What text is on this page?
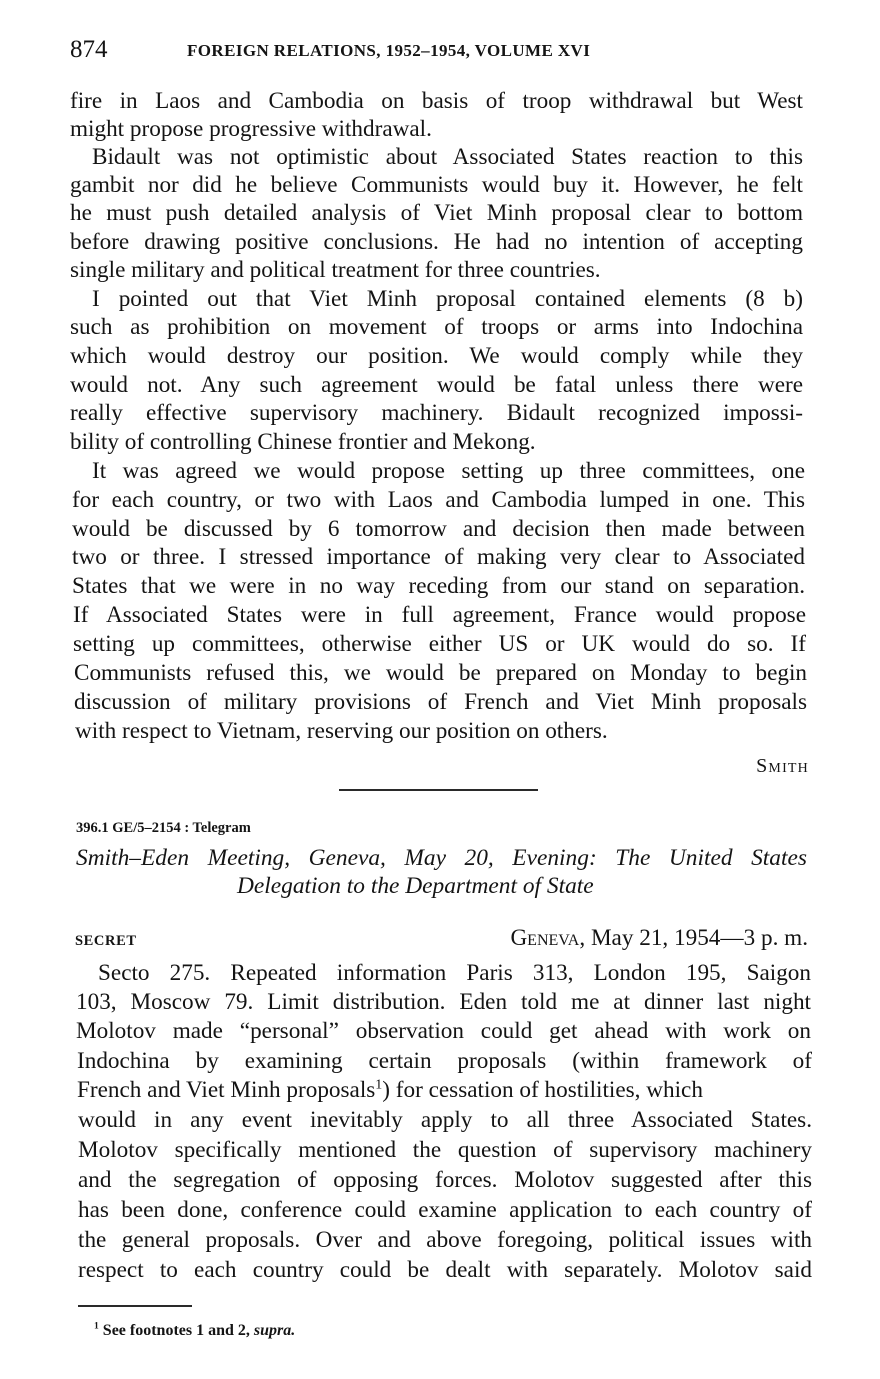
874	FOREIGN RELATIONS, 1952–1954, VOLUME XVI
fire in Laos and Cambodia on basis of troop withdrawal but West
might propose progressive withdrawal.
Bidault was not optimistic about Associated States reaction to this
gambit nor did he believe Communists would buy it. However, he felt
he must push detailed analysis of Viet Minh proposal clear to bottom
before drawing positive conclusions. He had no intention of accepting
single military and political treatment for three countries.
I pointed out that Viet Minh proposal contained elements (8 b)
such as prohibition on movement of troops or arms into Indochina
which would destroy our position. We would comply while they
would not. Any such agreement would be fatal unless there were
really effective supervisory machinery. Bidault recognized impossi-
bility of controlling Chinese frontier and Mekong.
It was agreed we would propose setting up three committees, one
for each country, or two with Laos and Cambodia lumped in one. This
would be discussed by 6 tomorrow and decision then made between
two or three. I stressed importance of making very clear to Associated
States that we were in no way receding from our stand on separation.
If Associated States were in full agreement, France would propose
setting up committees, otherwise either US or UK would do so. If
Communists refused this, we would be prepared on Monday to begin
discussion of military provisions of French and Viet Minh proposals
with respect to Vietnam, reserving our position on others.
Smith
396.1 GE/5–2154 : Telegram
Smith–Eden Meeting, Geneva, May 20, Evening: The United States
Delegation to the Department of State
SECRET	Geneva, May 21, 1954—3 p. m.
Secto 275. Repeated information Paris 313, London 195, Saigon
103, Moscow 79. Limit distribution. Eden told me at dinner last night
Molotov made “personal” observation could get ahead with work on
Indochina by examining certain proposals (within framework of
French and Viet Minh proposals$^1$) for cessation of hostilities, which
would in any event inevitably apply to all three Associated States.
Molotov specifically mentioned the question of supervisory machinery
and the segregation of opposing forces. Molotov suggested after this
has been done, conference could examine application to each country of
the general proposals. Over and above foregoing, political issues with
respect to each country could be dealt with separately. Molotov said
$^1$ See footnotes 1 and 2, supra.
